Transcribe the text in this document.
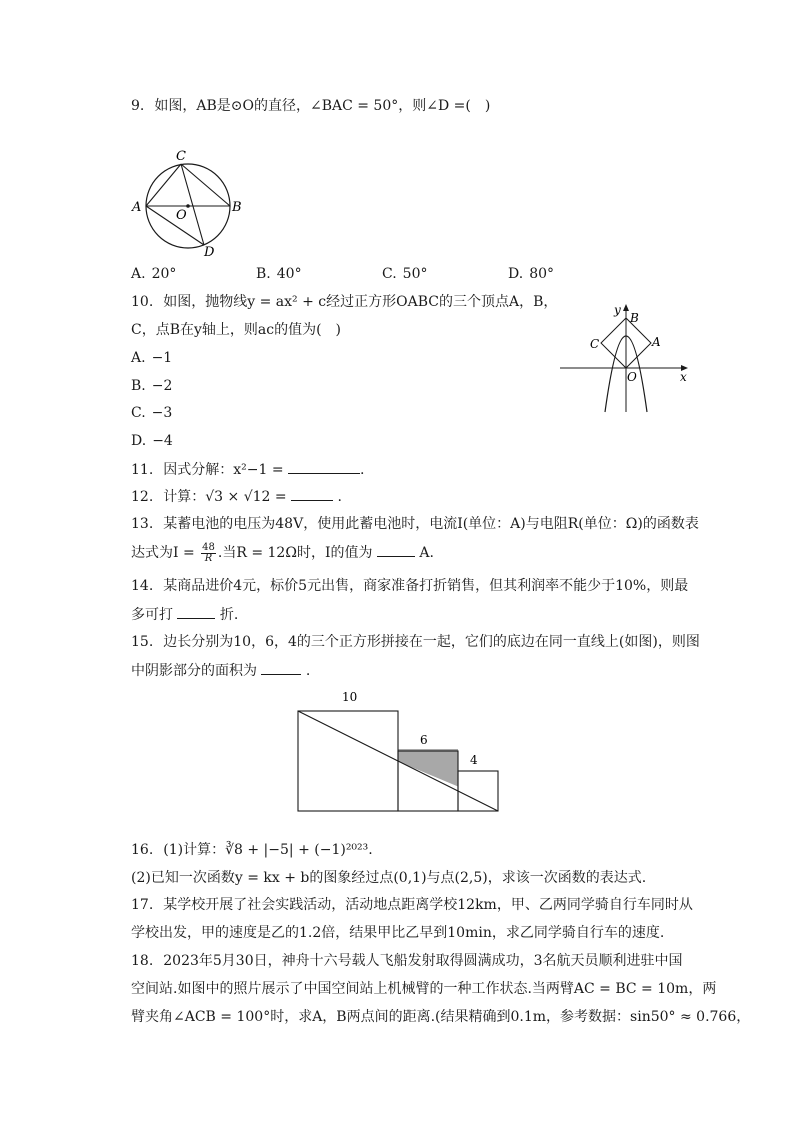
9. 如图，AB是⊙O的直径，∠BAC = 50°，则∠D =(　)
C
A	B
O
D
A. 20°	B. 40°	C. 50°	D. 80°
10. 如图，抛物线y = ax² + c经过正方形OABC的三个顶点A，B，
C，点B在y轴上，则ac的值为(　)
y
B
C	A
O	x
A. −1
B. −2
C. −3
D. −4
11. 因式分解：x²−1 =	.
12. 计算：√3 × √12 =	.
13. 某蓄电池的电压为48V，使用此蓄电池时，电流I(单位：A)与电阻R(单位：Ω)的函数表
达式为$I = \frac{48}{R}$ .当R = 12Ω时，I的值为	A.
14. 某商品进价4元，标价5元出售，商家准备打折销售，但其利润率不能少于10%，则最
多可打	折.
15. 边长分别为10，6，4的三个正方形拼接在一起，它们的底边在同一直线上(如图)，则图
中阴影部分的面积为	.
10
6
4
16. (1)计算：∛8 + |−5| + (−1)²⁰²³.
(2)已知一次函数y = kx + b的图象经过点(0,1)与点(2,5)，求该一次函数的表达式.
17. 某学校开展了社会实践活动，活动地点距离学校12km，甲、乙两同学骑自行车同时从
学校出发，甲的速度是乙的1.2倍，结果甲比乙早到10min，求乙同学骑自行车的速度.
18. 2023年5月30日，神舟十六号载人飞船发射取得圆满成功，3名航天员顺利进驻中国
空间站.如图中的照片展示了中国空间站上机械臂的一种工作状态.当两臂AC = BC = 10m，两
臂夹角∠ACB = 100°时，求A，B两点间的距离.(结果精确到0.1m，参考数据：sin50° ≈ 0.766，
